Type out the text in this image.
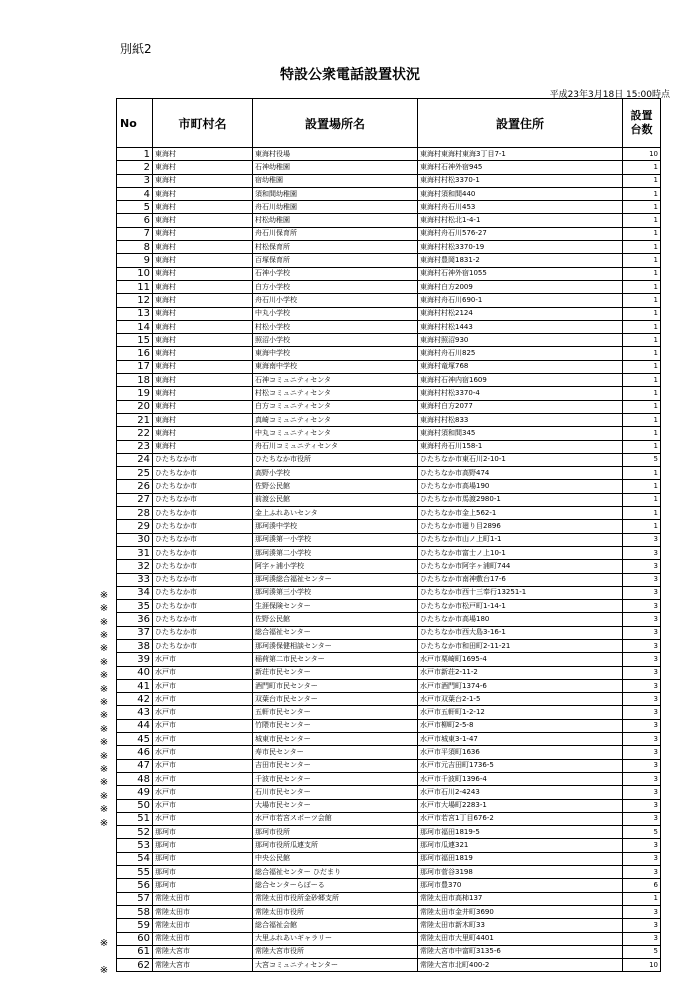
別紙2
特設公衆電話設置状況
平成23年3月18日 15:00時点
No	市町村名	設置場所名	設置住所	設置
台数
1	東海村	東海村役場	東海村東海村東海3丁目7-1	10
2	東海村	石神幼稚園	東海村石神外宿945	1
3	東海村	宿幼稚園	東海村村松3370-1	1
4	東海村	須和間幼稚園	東海村須和間440	1
5	東海村	舟石川幼稚園	東海村舟石川453	1
6	東海村	村松幼稚園	東海村村松北1-4-1	1
7	東海村	舟石川保育所	東海村舟石川576-27	1
8	東海村	村松保育所	東海村村松3370-19	1
9	東海村	百塚保育所	東海村豊岡1831-2	1
10	東海村	石神小学校	東海村石神外宿1055	1
11	東海村	白方小学校	東海村白方2009	1
12	東海村	舟石川小学校	東海村舟石川690-1	1
13	東海村	中丸小学校	東海村村松2124	1
14	東海村	村松小学校	東海村村松1443	1
15	東海村	照沼小学校	東海村照沼930	1
16	東海村	東海中学校	東海村舟石川825	1
17	東海村	東海南中学校	東海村竜塚768	1
18	東海村	石神コミュニティセンタ	東海村石神内宿1609	1
19	東海村	村松コミュニティセンタ	東海村村松3370-4	1
20	東海村	白方コミュニティセンタ	東海村白方2077	1
21	東海村	真崎コミュニティセンタ	東海村村松833	1
22	東海村	中丸コミュニティセンタ	東海村須和間345	1
23	東海村	舟石川コミュニティセンタ	東海村舟石川158-1	1
24	ひたちなか市	ひたちなか市役所	ひたちなか市東石川2-10-1	5
25	ひたちなか市	高野小学校	ひたちなか市高野474	1
26	ひたちなか市	佐野公民館	ひたちなか市高場190	1
27	ひたちなか市	前渡公民館	ひたちなか市馬渡2980-1	1
28	ひたちなか市	金上ふれあいセンタ	ひたちなか市金上562-1	1
29	ひたちなか市	那珂湊中学校	ひたちなか市廻り目2896	1
30	ひたちなか市	那珂湊第一小学校	ひたちなか市山ノ上町1-1	3
31	ひたちなか市	那珂湊第二小学校	ひたちなか市富士ノ上10-1	3
32	ひたちなか市	阿字ヶ浦小学校	ひたちなか市阿字ヶ浦町744	3
33	ひたちなか市	那珂湊総合福祉センター	ひたちなか市南神敷台17-6	3
34	ひたちなか市	那珂湊第三小学校	ひたちなか市西十三奉行13251-1	3
35	ひたちなか市	生涯保険センター	ひたちなか市松戸町1-14-1	3
36	ひたちなか市	佐野公民館	ひたちなか市高場180	3
37	ひたちなか市	総合福祉センター	ひたちなか市西大島3-16-1	3
38	ひたちなか市	那珂湊保健相談センター	ひたちなか市和田町2-11-21	3
39	水戸市	稲荷第二市民センター	水戸市栗崎町1695-4	3
40	水戸市	新荘市民センター	水戸市新荘2-11-2	3
41	水戸市	酒門町市民センター	水戸市酒門町1374-6	3
42	水戸市	双葉台市民センター	水戸市双葉台2-1-5	3
43	水戸市	五軒市民センター	水戸市五軒町1-2-12	3
44	水戸市	竹隈市民センター	水戸市柳町2-5-8	3
45	水戸市	城東市民センター	水戸市城東3-1-47	3
46	水戸市	寿市民センター	水戸市平須町1636	3
47	水戸市	吉田市民センター	水戸市元吉田町1736-5	3
48	水戸市	千波市民センター	水戸市千波町1396-4	3
49	水戸市	石川市民センター	水戸市石川2-4243	3
50	水戸市	大場市民センター	水戸市大場町2283-1	3
51	水戸市	水戸市若宮スポーツ会館	水戸市若宮1丁目676-2	3
52	那珂市	那珂市役所	那珂市福田1819-5	5
53	那珂市	那珂市役所瓜連支所	那珂市瓜連321	3
54	那珂市	中央公民館	那珂市福田1819	3
55	那珂市	総合福祉センター ひだまり	那珂市菅谷3198	3
56	那珂市	総合センターらぽーる	那珂市豊370	6
57	常陸太田市	常陸太田市役所金砂郷支所	常陸太田市高柿137	1
58	常陸太田市	常陸太田市役所	常陸太田市金井町3690	3
59	常陸太田市	総合福祉会館	常陸太田市新木町33	3
60	常陸太田市	大里ふれあいギャラリー	常陸太田市大里町4401	3
61	常陸大宮市	常陸大宮市役所	常陸大宮市中富町3135-6	5
62	常陸大宮市	大宮コミュニティセンター	常陸大宮市北町400-2	10
※
※
※
※
※
※
※
※
※
※
※
※
※
※
※
※
※
※
※
※
